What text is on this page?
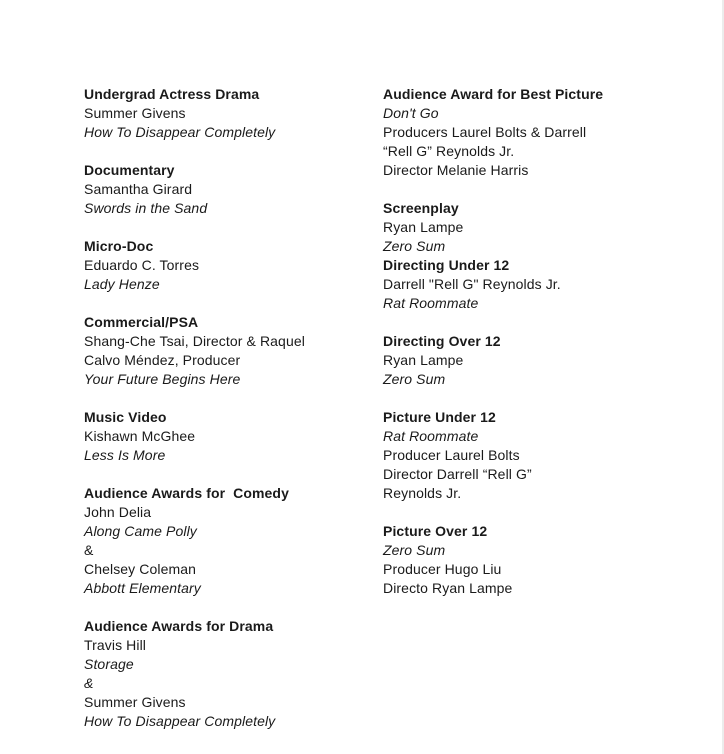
Undergrad Actress Drama
Summer Givens
How To Disappear Completely
Documentary
Samantha Girard
Swords in the Sand
Micro-Doc
Eduardo C. Torres
Lady Henze
Commercial/PSA
Shang-Che Tsai, Director & Raquel
Calvo Méndez, Producer
Your Future Begins Here
Music Video
Kishawn McGhee
Less Is More
Audience Awards for  Comedy
John Delia
Along Came Polly
&
Chelsey Coleman
Abbott Elementary
Audience Awards for Drama
Travis Hill
Storage
&
Summer Givens
How To Disappear Completely
Audience Award for Best Picture
Don't Go
Producers Laurel Bolts & Darrell
“Rell G” Reynolds Jr.
Director Melanie Harris
Screenplay
Ryan Lampe
Zero Sum
Directing Under 12
Darrell "Rell G" Reynolds Jr.
Rat Roommate
Directing Over 12
Ryan Lampe
Zero Sum
Picture Under 12
Rat Roommate
Producer Laurel Bolts
Director Darrell “Rell G”
Reynolds Jr.
Picture Over 12
Zero Sum
Producer Hugo Liu
Directo Ryan Lampe
